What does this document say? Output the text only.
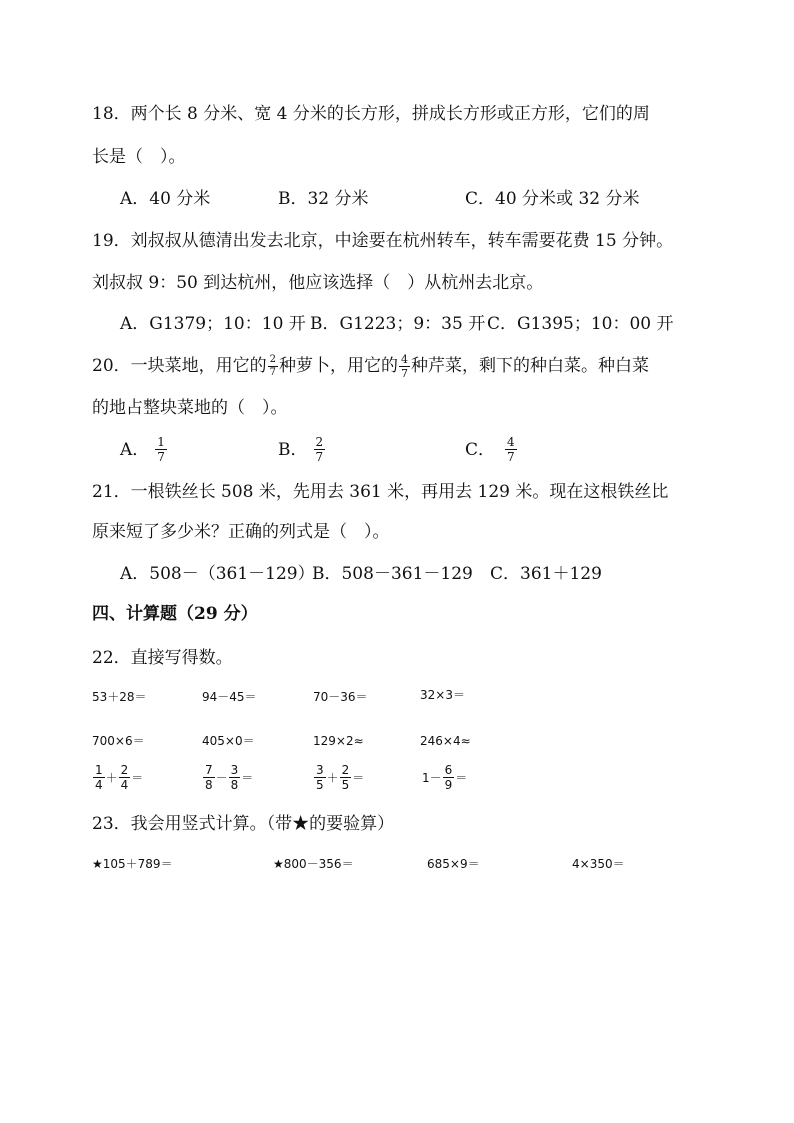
18．两个长 8 分米、宽 4 分米的长方形，拼成长方形或正方形，它们的周
长是（　）。
A．40 分米	B．32 分米	C．40 分米或 32 分米
19．刘叔叔从德清出发去北京，中途要在杭州转车，转车需要花费 15 分钟。
刘叔叔 9：50 到达杭州，他应该选择（　）从杭州去北京。
A．G1379；10：10 开 B．G1223；9：35 开 C．G1395；10：00 开
20．一块菜地，用它的 $\frac{2}{7}$ 种萝卜，用它的 $\frac{4}{7}$ 种芹菜，剩下的种白菜。种白菜
的地占整块菜地的（　）。
A． $\frac{1}{7}$	B． $\frac{2}{7}$	C． $\frac{4}{7}$
21．一根铁丝长 508 米，先用去 361 米，再用去 129 米。现在这根铁丝比
原来短了多少米？正确的列式是（　）。
A．508－（361－129）
B．508－361－129 C．361＋129
四、计算题（29 分）
22．直接写得数。
53＋28＝	94－45＝	70－36＝	32×3＝
700×6＝	405×0＝	129×2≈	246×4≈
$\frac{1}{4} + \frac{2}{4}$ ＝	$\frac{7}{8} - \frac{3}{8}$ ＝	$\frac{3}{5} + \frac{2}{5}$ ＝	$1- \frac{6}{9}$ ＝
23．我会用竖式计算。（带★的要验算）
★105＋789＝	★800－356＝	685×9＝	4×350＝
